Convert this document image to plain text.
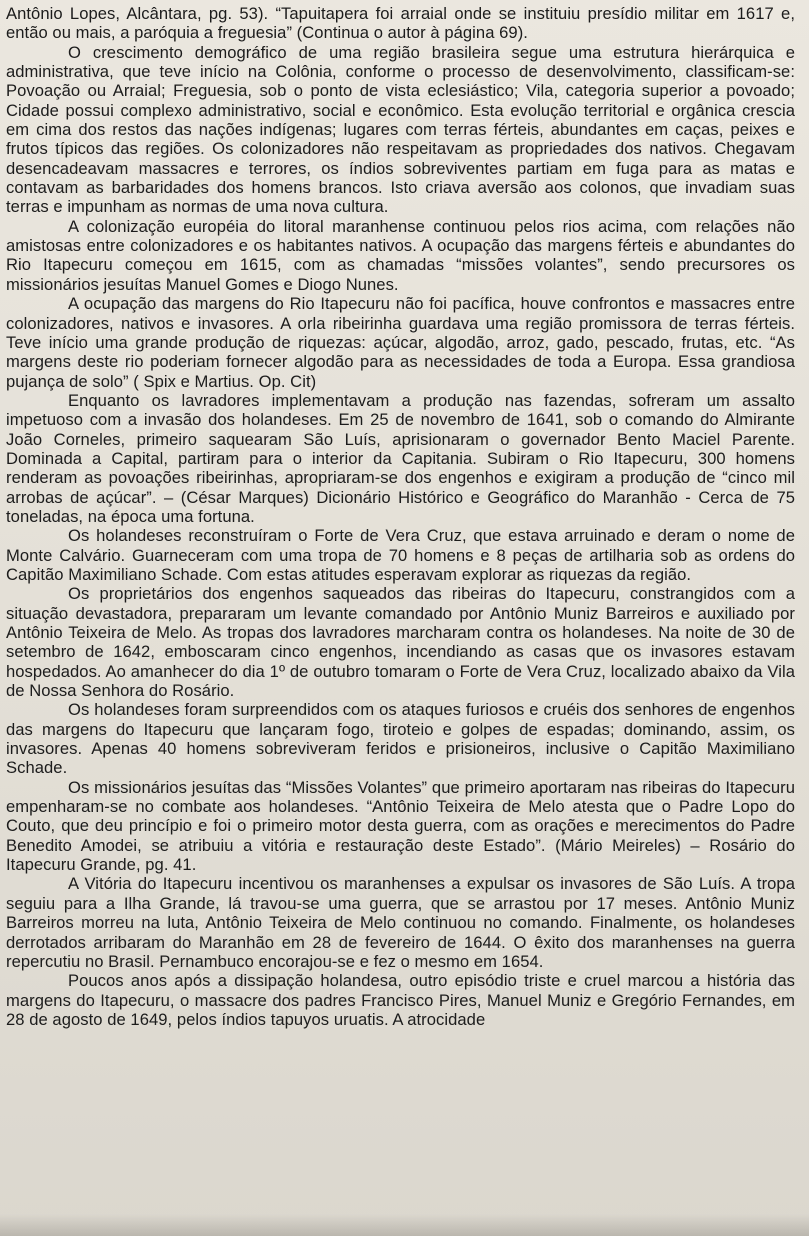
Antônio Lopes, Alcântara, pg. 53). “Tapuitapera foi arraial onde se instituiu presídio militar em 1617 e, então ou mais, a paróquia a freguesia” (Continua o autor à página 69).

O crescimento demográfico de uma região brasileira segue uma estrutura hierárquica e administrativa, que teve início na Colônia, conforme o processo de desenvolvimento, classificam-se: Povoação ou Arraial; Freguesia, sob o ponto de vista eclesiástico; Vila, categoria superior a povoado; Cidade possui complexo administrativo, social e econômico. Esta evolução territorial e orgânica crescia em cima dos restos das nações indígenas; lugares com terras férteis, abundantes em caças, peixes e frutos típicos das regiões. Os colonizadores não respeitavam as propriedades dos nativos. Chegavam desencadeavam massacres e terrores, os índios sobreviventes partiam em fuga para as matas e contavam as barbaridades dos homens brancos. Isto criava aversão aos colonos, que invadiam suas terras e impunham as normas de uma nova cultura.

A colonização européia do litoral maranhense continuou pelos rios acima, com relações não amistosas entre colonizadores e os habitantes nativos. A ocupação das margens férteis e abundantes do Rio Itapecuru começou em 1615, com as chamadas “missões volantes”, sendo precursores os missionários jesuítas Manuel Gomes e Diogo Nunes.

A ocupação das margens do Rio Itapecuru não foi pacífica, houve confrontos e massacres entre colonizadores, nativos e invasores. A orla ribeirinha guardava uma região promissora de terras férteis. Teve início uma grande produção de riquezas: açúcar, algodão, arroz, gado, pescado, frutas, etc. “As margens deste rio poderiam fornecer algodão para as necessidades de toda a Europa. Essa grandiosa pujança de solo” ( Spix e Martius. Op. Cit)

Enquanto os lavradores implementavam a produção nas fazendas, sofreram um assalto impetuoso com a invasão dos holandeses. Em 25 de novembro de 1641, sob o comando do Almirante João Corneles, primeiro saquearam São Luís, aprisionaram o governador Bento Maciel Parente. Dominada a Capital, partiram para o interior da Capitania. Subiram o Rio Itapecuru, 300 homens renderam as povoações ribeirinhas, apropriaram-se dos engenhos e exigiram a produção de “cinco mil arrobas de açúcar”. – (César Marques) Dicionário Histórico e Geográfico do Maranhão - Cerca de 75 toneladas, na época uma fortuna.

Os holandeses reconstruíram o Forte de Vera Cruz, que estava arruinado e deram o nome de Monte Calvário. Guarneceram com uma tropa de 70 homens e 8 peças de artilharia sob as ordens do Capitão Maximiliano Schade. Com estas atitudes esperavam explorar as riquezas da região.

Os proprietários dos engenhos saqueados das ribeiras do Itapecuru, constrangidos com a situação devastadora, prepararam um levante comandado por Antônio Muniz Barreiros e auxiliado por Antônio Teixeira de Melo. As tropas dos lavradores marcharam contra os holandeses. Na noite de 30 de setembro de 1642, emboscaram cinco engenhos, incendiando as casas que os invasores estavam hospedados. Ao amanhecer do dia 1º de outubro tomaram o Forte de Vera Cruz, localizado abaixo da Vila de Nossa Senhora do Rosário.

Os holandeses foram surpreendidos com os ataques furiosos e cruéis dos senhores de engenhos das margens do Itapecuru que lançaram fogo, tiroteio e golpes de espadas; dominando, assim, os invasores. Apenas 40 homens sobreviveram feridos e prisioneiros, inclusive o Capitão Maximiliano Schade.

Os missionários jesuítas das “Missões Volantes” que primeiro aportaram nas ribeiras do Itapecuru empenharam-se no combate aos holandeses. “Antônio Teixeira de Melo atesta que o Padre Lopo do Couto, que deu princípio e foi o primeiro motor desta guerra, com as orações e merecimentos do Padre Benedito Amodei, se atribuiu a vitória e restauração deste Estado”. (Mário Meireles) – Rosário do Itapecuru Grande, pg. 41.

A Vitória do Itapecuru incentivou os maranhenses a expulsar os invasores de São Luís. A tropa seguiu para a Ilha Grande, lá travou-se uma guerra, que se arrastou por 17 meses. Antônio Muniz Barreiros morreu na luta, Antônio Teixeira de Melo continuou no comando. Finalmente, os holandeses derrotados arribaram do Maranhão em 28 de fevereiro de 1644. O êxito dos maranhenses na guerra repercutiu no Brasil. Pernambuco encorajou-se e fez o mesmo em 1654.

Poucos anos após a dissipação holandesa, outro episódio triste e cruel marcou a história das margens do Itapecuru, o massacre dos padres Francisco Pires, Manuel Muniz e Gregório Fernandes, em 28 de agosto de 1649, pelos índios tapuyos uruatis. A atrocidade
